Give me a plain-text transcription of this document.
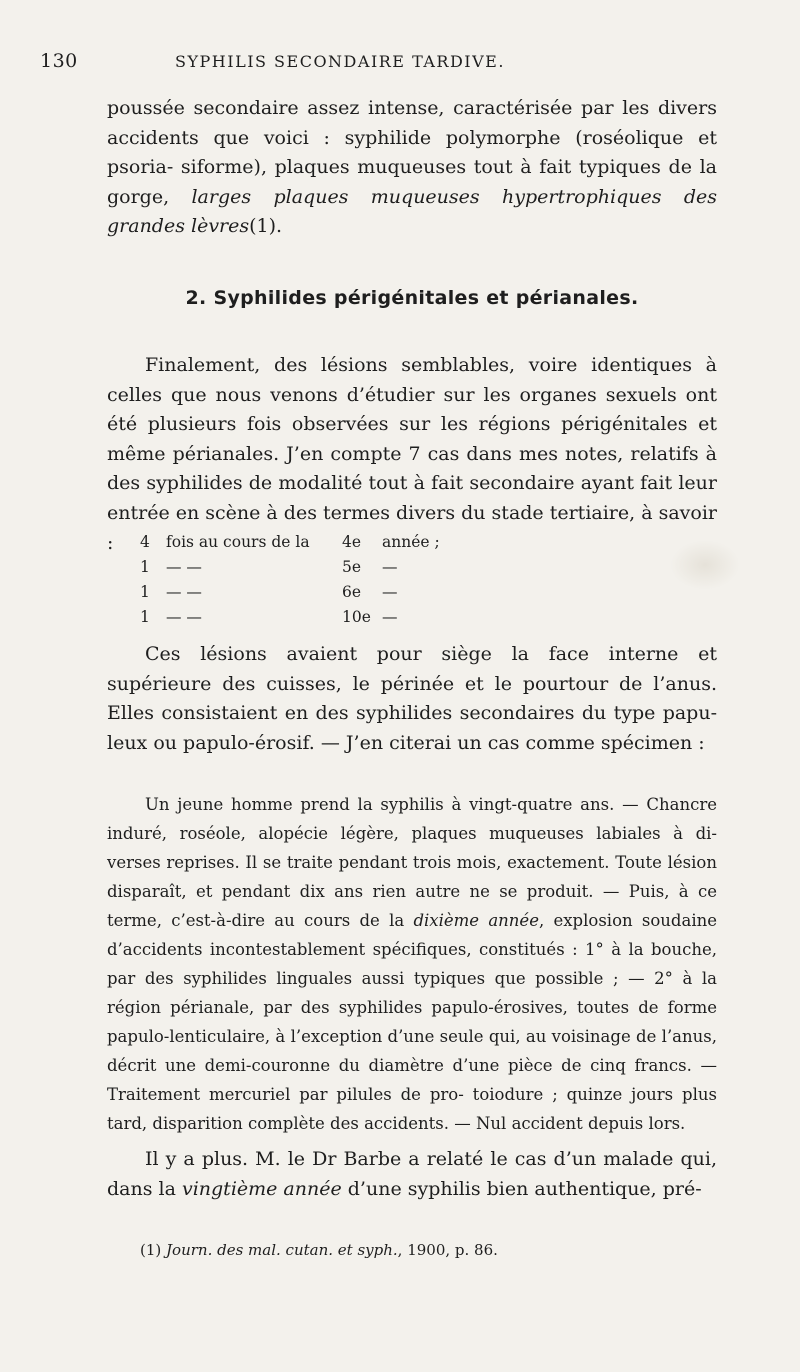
130	SYPHILIS SECONDAIRE TARDIVE.
poussée secondaire assez intense, caractérisée par les divers accidents que voici : syphilide polymorphe (roséolique et psoria- siforme), plaques muqueuses tout à fait typiques de la gorge, larges plaques muqueuses hypertrophiques des grandes lèvres(1).
2. Syphilides périgénitales et périanales.
Finalement, des lésions semblables, voire identiques à celles que nous venons d’étudier sur les organes sexuels ont été plusieurs fois observées sur les régions périgénitales et même périanales. J’en compte 7 cas dans mes notes, relatifs à des syphilides de modalité tout à fait secondaire ayant fait leur entrée en scène à des termes divers du stade tertiaire, à savoir :	4	fois au cours de la	4e	année ;
1	— —	5e	—
1	— —	6e	—
1	— —	10e —
Ces lésions avaient pour siège la face interne et supérieure des cuisses, le périnée et le pourtour de l’anus. Elles consistaient en des syphilides secondaires du type papu- leux ou papulo-érosif. — J’en citerai un cas comme spécimen :
Un jeune homme prend la syphilis à vingt-quatre ans. — Chancre induré, roséole, alopécie légère, plaques muqueuses labiales à di- verses reprises. Il se traite pendant trois mois, exactement. Toute lésion disparaît, et pendant dix ans rien autre ne se produit. — Puis, à ce terme, c’est-à-dire au cours de la dixième année, explosion soudaine d’accidents incontestablement spécifiques, constitués : 1° à la bouche, par des syphilides linguales aussi typiques que possible ; — 2° à la région périanale, par des syphilides papulo-érosives, toutes de forme papulo-lenticulaire, à l’exception d’une seule qui, au voisinage de l’anus, décrit une demi-couronne du diamètre d’une pièce de cinq francs. — Traitement mercuriel par pilules de pro- toiodure ; quinze jours plus tard, disparition complète des accidents. — Nul accident depuis lors.
Il y a plus. M. le Dr Barbe a relaté le cas d’un malade qui, dans la vingtième année d’une syphilis bien authentique, pré-
(1) Journ. des mal. cutan. et syph., 1900, p. 86.
